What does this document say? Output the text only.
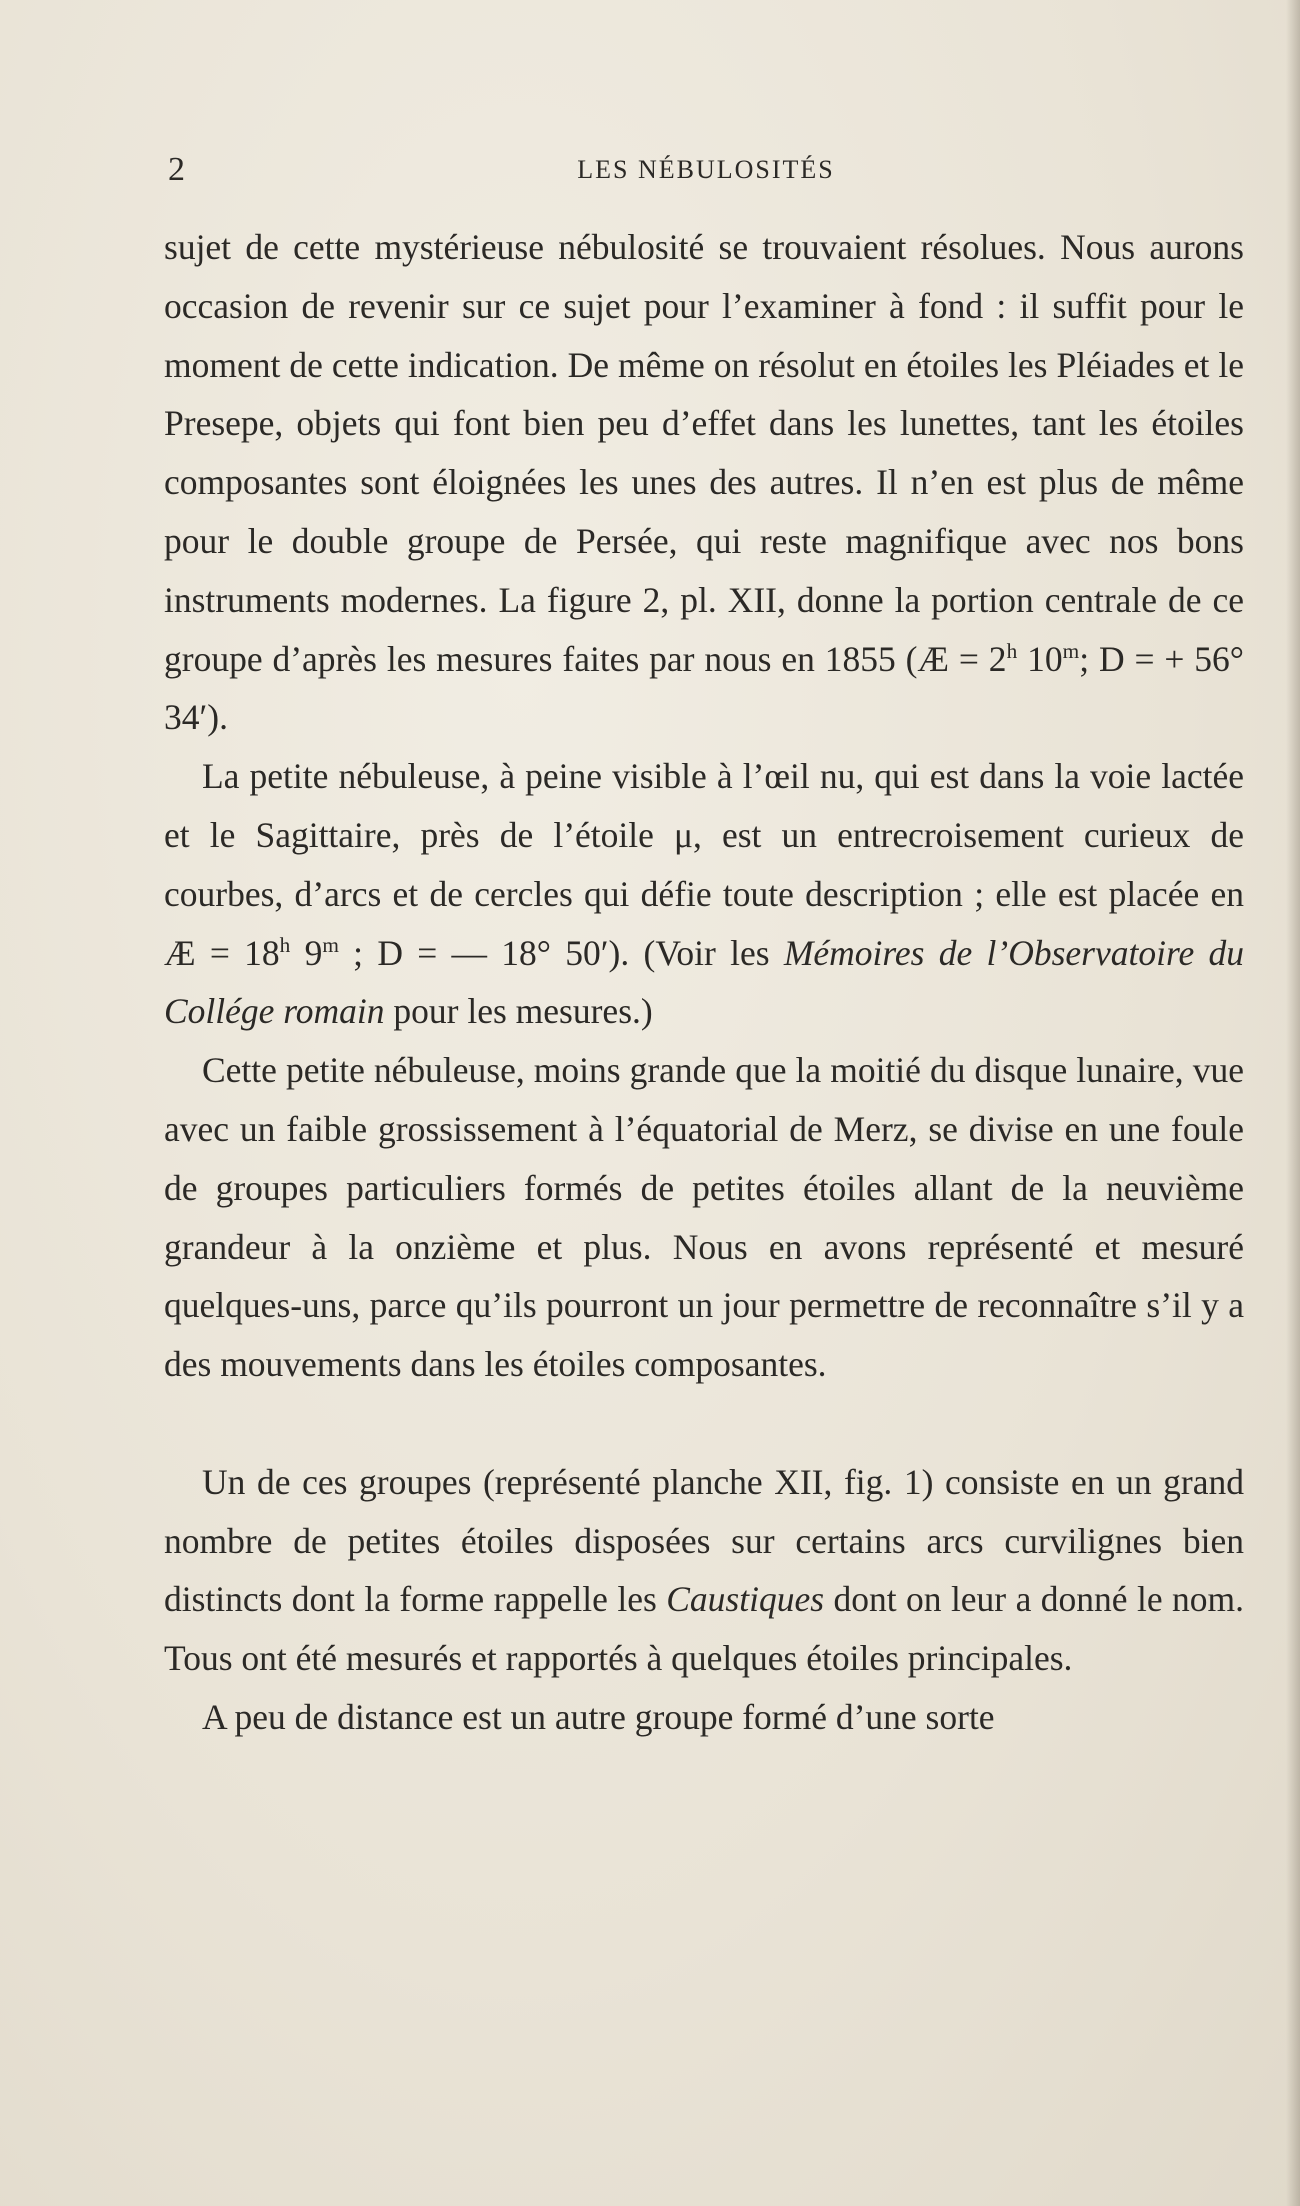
2	LES NÉBULOSITÉS

sujet de cette mystérieuse nébulosité se trouvaient résolues. Nous aurons occasion de revenir sur ce sujet pour l’examiner à fond : il suffit pour le moment de cette indication. De même on résolut en étoiles les Pléiades et le Presepe, objets qui font bien peu d’effet dans les lunettes, tant les étoiles composantes sont éloignées les unes des autres. Il n’en est plus de même pour le double groupe de Persée, qui reste magnifique avec nos bons instruments modernes. La figure 2, pl. XII, donne la portion centrale de ce groupe d’après les mesures faites par nous en 1855 (Æ = $2^h$ 10$^m$; D = + 56° 34′).

La petite nébuleuse, à peine visible à l’œil nu, qui est dans la voie lactée et le Sagittaire, près de l’étoile μ, est un entrecroisement curieux de courbes, d’arcs et de cercles qui défie toute description ; elle est placée en Æ = $18^h$ 9$^m$ ; D = — 18° 50′). (Voir les Mémoires de l’Observatoire du Collége romain pour les mesures.)

Cette petite nébuleuse, moins grande que la moitié du disque lunaire, vue avec un faible grossissement à l’équatorial de Merz, se divise en une foule de groupes particuliers formés de petites étoiles allant de la neuvième grandeur à la onzième et plus. Nous en avons représenté et mesuré quelques-uns, parce qu’ils pourront un jour permettre de reconnaître s’il y a des mouvements dans les étoiles composantes.

Un de ces groupes (représenté planche XII, fig. 1) consiste en un grand nombre de petites étoiles disposées sur certains arcs curvilignes bien distincts dont la forme rappelle les Caustiques dont on leur a donné le nom. Tous ont été mesurés et rapportés à quelques étoiles principales.

A peu de distance est un autre groupe formé d’une sorte
